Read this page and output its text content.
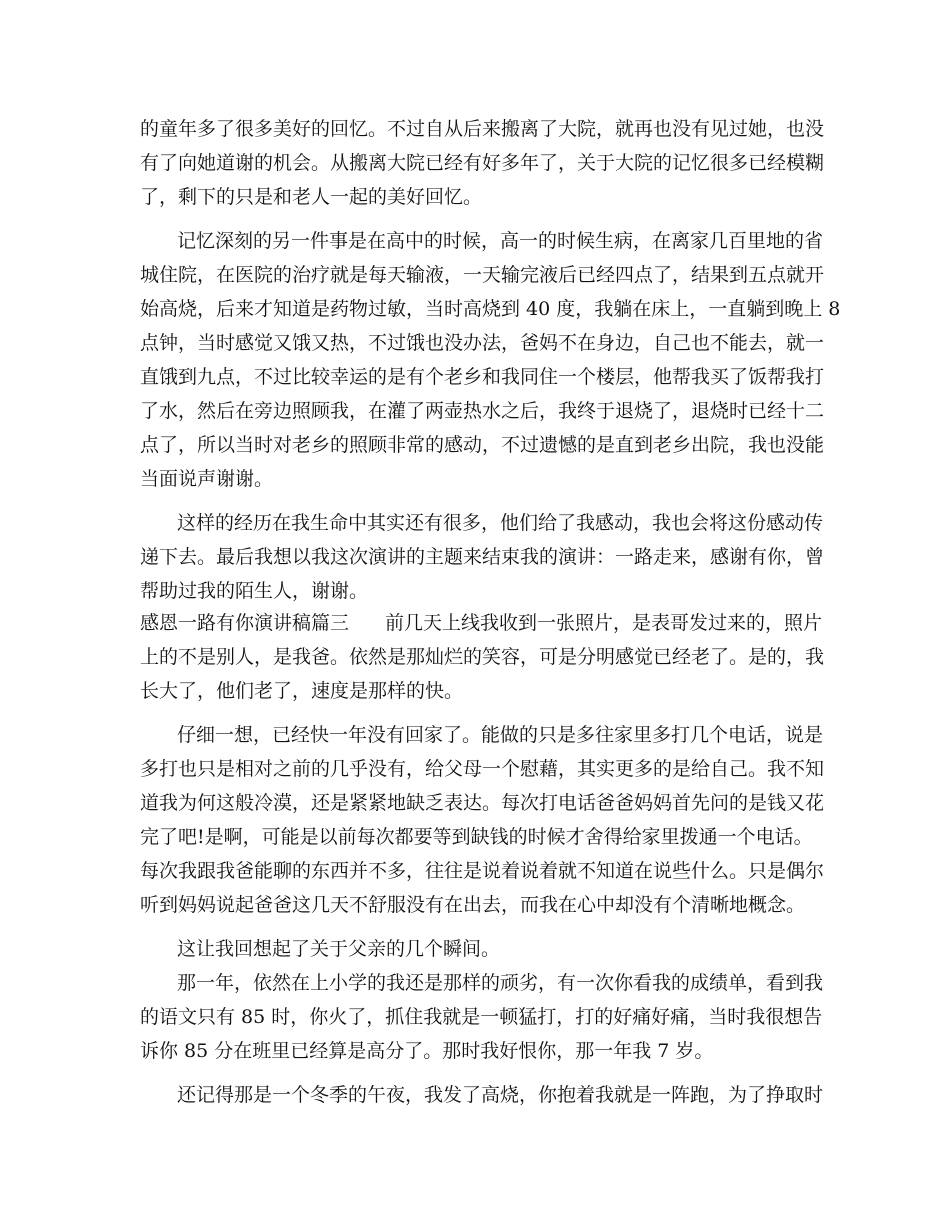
的童年多了很多美好的回忆。不过自从后来搬离了大院，就再也没有见过她，也没
有了向她道谢的机会。从搬离大院已经有好多年了，关于大院的记忆很多已经模糊
了，剩下的只是和老人一起的美好回忆。
记忆深刻的另一件事是在高中的时候，高一的时候生病，在离家几百里地的省
城住院，在医院的治疗就是每天输液，一天输完液后已经四点了，结果到五点就开
始高烧，后来才知道是药物过敏，当时高烧到 40 度，我躺在床上，一直躺到晚上 8
点钟，当时感觉又饿又热，不过饿也没办法，爸妈不在身边，自己也不能去，就一
直饿到九点，不过比较幸运的是有个老乡和我同住一个楼层，他帮我买了饭帮我打
了水，然后在旁边照顾我，在灌了两壶热水之后，我终于退烧了，退烧时已经十二
点了，所以当时对老乡的照顾非常的感动，不过遗憾的是直到老乡出院，我也没能
当面说声谢谢。
这样的经历在我生命中其实还有很多，他们给了我感动，我也会将这份感动传
递下去。最后我想以我这次演讲的主题来结束我的演讲：一路走来，感谢有你，曾
帮助过我的陌生人，谢谢。
感恩一路有你演讲稿篇三 前几天上线我收到一张照片，是表哥发过来的，照片
上的不是别人，是我爸。依然是那灿烂的笑容，可是分明感觉已经老了。是的，我
长大了，他们老了，速度是那样的快。
仔细一想，已经快一年没有回家了。能做的只是多往家里多打几个电话，说是
多打也只是相对之前的几乎没有，给父母一个慰藉，其实更多的是给自己。我不知
道我为何这般冷漠，还是紧紧地缺乏表达。每次打电话爸爸妈妈首先问的是钱又花
完了吧!是啊，可能是以前每次都要等到缺钱的时候才舍得给家里拨通一个电话。
每次我跟我爸能聊的东西并不多，往往是说着说着就不知道在说些什么。只是偶尔
听到妈妈说起爸爸这几天不舒服没有在出去，而我在心中却没有个清晰地概念。
这让我回想起了关于父亲的几个瞬间。
那一年，依然在上小学的我还是那样的顽劣，有一次你看我的成绩单，看到我
的语文只有 85 时，你火了，抓住我就是一顿猛打，打的好痛好痛，当时我很想告
诉你 85 分在班里已经算是高分了。那时我好恨你，那一年我 7 岁。
还记得那是一个冬季的午夜，我发了高烧，你抱着我就是一阵跑，为了挣取时
